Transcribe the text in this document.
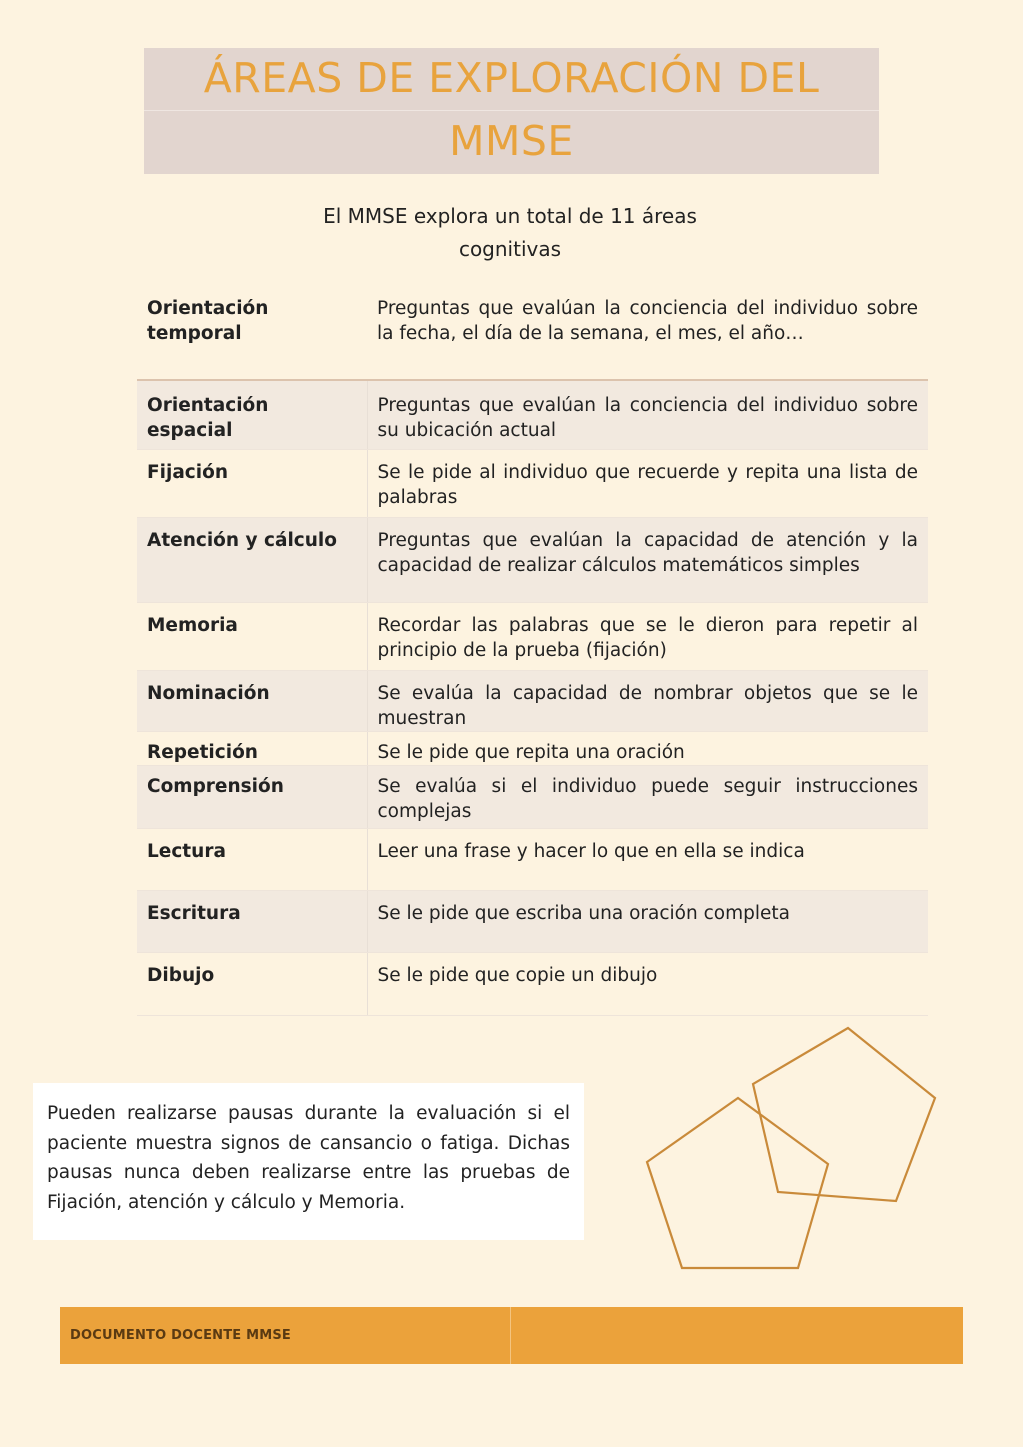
ÁREAS DE EXPLORACIÓN DEL
MMSE
El MMSE explora un total de 11 áreas
cognitivas
Orientación temporal	Preguntas que evalúan la conciencia del individuo sobre la fecha, el día de la semana, el mes, el año…
Orientación espacial	Preguntas que evalúan la conciencia del individuo sobre su ubicación actual
Fijación	Se le pide al individuo que recuerde y repita una lista de palabras
Atención y cálculo	Preguntas que evalúan la capacidad de atención y la capacidad de realizar cálculos matemáticos simples
Memoria	Recordar las palabras que se le dieron para repetir al principio de la prueba (fijación)
Nominación	Se evalúa la capacidad de nombrar objetos que se le muestran
Repetición	Se le pide que repita una oración
Comprensión	Se evalúa si el individuo puede seguir instrucciones complejas
Lectura	Leer una frase y hacer lo que en ella se indica
Escritura	Se le pide que escriba una oración completa
Dibujo	Se le pide que copie un dibujo

Pueden realizarse pausas durante la evaluación si el paciente muestra signos de cansancio o fatiga. Dichas pausas nunca deben realizarse entre las pruebas de Fijación, atención y cálculo y Memoria.

DOCUMENTO DOCENTE MMSE
